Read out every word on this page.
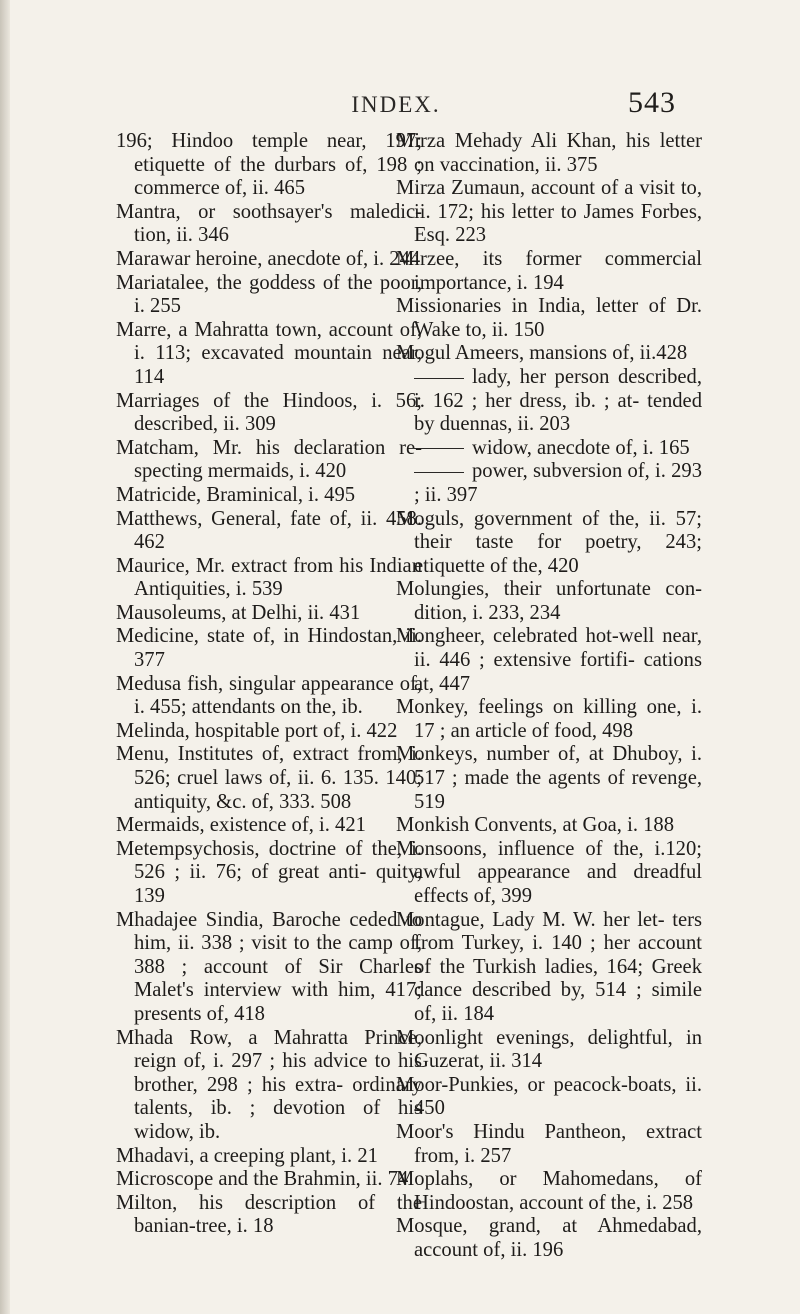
INDEX.	543

196; Hindoo temple near, 197; etiquette of the durbars of, 198 ; commerce of, ii. 465

Mantra, or soothsayer's maledic- tion, ii. 346

Marawar heroine, anecdote of, i. 244

Mariatalee, the goddess of the poor, i. 255

Marre, a Mahratta town, account of, i. 113; excavated mountain near, 114

Marriages of the Hindoos, i. 56; described, ii. 309

Matcham, Mr. his declaration re- specting mermaids, i. 420

Matricide, Braminical, i. 495

Matthews, General, fate of, ii. 458. 462

Maurice, Mr. extract from his Indian Antiquities, i. 539

Mausoleums, at Delhi, ii. 431

Medicine, state of, in Hindostan, ii. 377

Medusa fish, singular appearance of, i. 455; attendants on the, ib.

Melinda, hospitable port of, i. 422

Menu, Institutes of, extract from, i. 526; cruel laws of, ii. 6. 135. 140; antiquity, &c. of, 333. 508

Mermaids, existence of, i. 421

Metempsychosis, doctrine of the, i. 526 ; ii. 76; of great anti- quity, 139

Mhadajee Sindia, Baroche ceded to him, ii. 338 ; visit to the camp of, 388 ; account of Sir Charles Malet's interview with him, 417; presents of, 418

Mhada Row, a Mahratta Prince, reign of, i. 297 ; his advice to his brother, 298 ; his extra- ordinary talents, ib. ; devotion of his widow, ib.

Mhadavi, a creeping plant, i. 21

Microscope and the Brahmin, ii. 74

Milton, his description of the banian-tree, i. 18

Mirza Mehady Ali Khan, his letter on vaccination, ii. 375

Mirza Zumaun, account of a visit to, ii. 172; his letter to James Forbes, Esq. 223

Mirzee, its former commercial importance, i. 194

Missionaries in India, letter of Dr. Wake to, ii. 150

Mogul Ameers, mansions of, ii.428

lady, her person described, i. 162 ; her dress, ib. ; at- tended by duennas, ii. 203

widow, anecdote of, i. 165

power, subversion of, i. 293 ; ii. 397

Moguls, government of the, ii. 57; their taste for poetry, 243; etiquette of the, 420

Molungies, their unfortunate con- dition, i. 233, 234

Mongheer, celebrated hot-well near, ii. 446 ; extensive fortifi- cations at, 447

Monkey, feelings on killing one, i. 17 ; an article of food, 498

Monkeys, number of, at Dhuboy, i. 517 ; made the agents of revenge, 519

Monkish Convents, at Goa, i. 188

Monsoons, influence of the, i.120; awful appearance and dreadful effects of, 399

Montague, Lady M. W. her let- ters from Turkey, i. 140 ; her account of the Turkish ladies, 164; Greek dance described by, 514 ; simile of, ii. 184

Moonlight evenings, delightful, in Guzerat, ii. 314

Moor-Punkies, or peacock-boats, ii. 450

Moor's Hindu Pantheon, extract from, i. 257

Moplahs, or Mahomedans, of Hindoostan, account of the, i. 258

Mosque, grand, at Ahmedabad, account of, ii. 196
